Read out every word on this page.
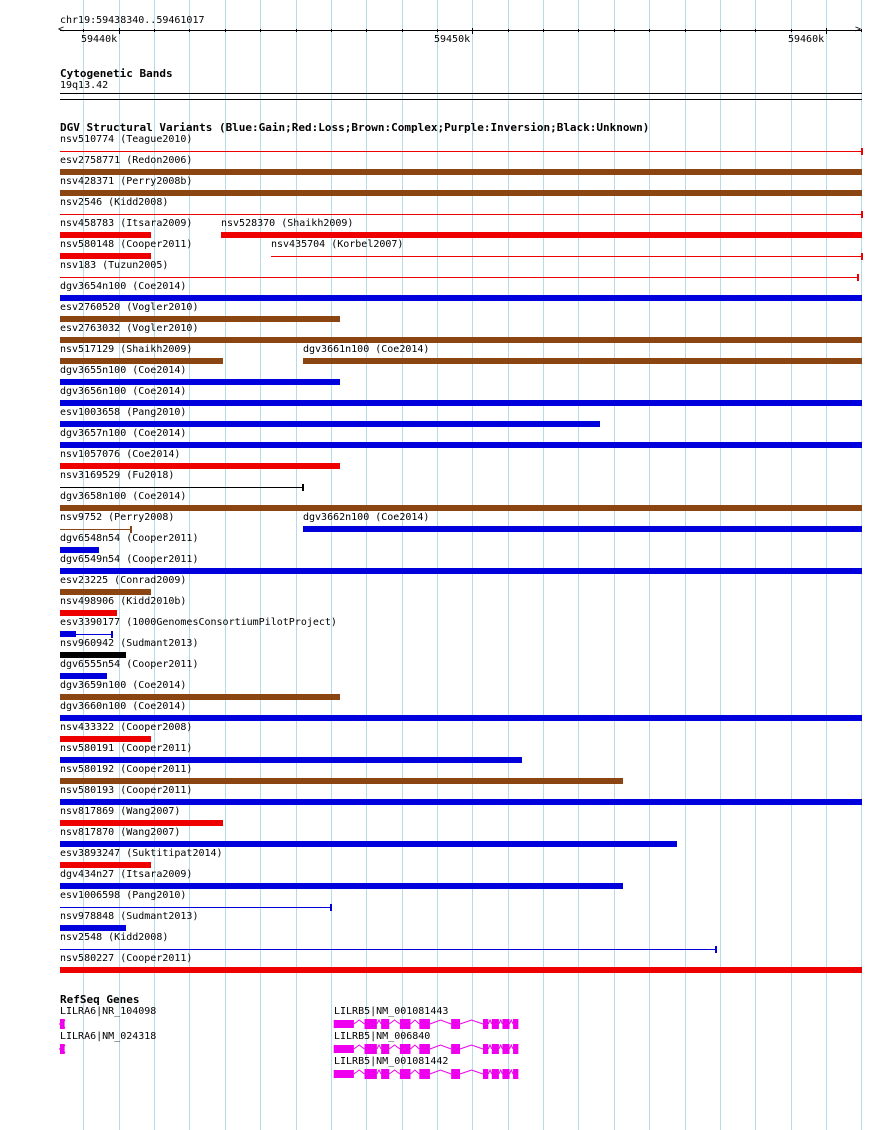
chr19:59438340..59461017
<	>
59440k	59450k	59460k
Cytogenetic Bands
19q13.42
DGV Structural Variants (Blue:Gain;Red:Loss;Brown:Complex;Purple:Inversion;Black:Unknown)
nsv510774 (Teague2010)
esv2758771 (Redon2006)
nsv428371 (Perry2008b)
nsv2546 (Kidd2008)
nsv458783 (Itsara2009)	nsv528370 (Shaikh2009)
nsv580148 (Cooper2011)	nsv435704 (Korbel2007)
nsv183 (Tuzun2005)
dgv3654n100 (Coe2014)
esv2760520 (Vogler2010)
esv2763032 (Vogler2010)
nsv517129 (Shaikh2009)	dgv3661n100 (Coe2014)
dgv3655n100 (Coe2014)
dgv3656n100 (Coe2014)
esv1003658 (Pang2010)
dgv3657n100 (Coe2014)
nsv1057076 (Coe2014)
nsv3169529 (Fu2018)
dgv3658n100 (Coe2014)
nsv9752 (Perry2008)	dgv3662n100 (Coe2014)
dgv6548n54 (Cooper2011)
dgv6549n54 (Cooper2011)
esv23225 (Conrad2009)
nsv498906 (Kidd2010b)
esv3390177 (1000GenomesConsortiumPilotProject)
nsv960942 (Sudmant2013)
dgv6555n54 (Cooper2011)
dgv3659n100 (Coe2014)
dgv3660n100 (Coe2014)
nsv433322 (Cooper2008)
nsv580191 (Cooper2011)
nsv580192 (Cooper2011)
nsv580193 (Cooper2011)
nsv817869 (Wang2007)
nsv817870 (Wang2007)
esv3893247 (Suktitipat2014)
dgv434n27 (Itsara2009)
esv1006598 (Pang2010)
nsv978848 (Sudmant2013)
nsv2548 (Kidd2008)
nsv580227 (Cooper2011)
RefSeq Genes
LILRA6|NR_104098
LILRA6|NM_024318
LILRB5|NM_001081443
LILRB5|NM_006840
LILRB5|NM_001081442
